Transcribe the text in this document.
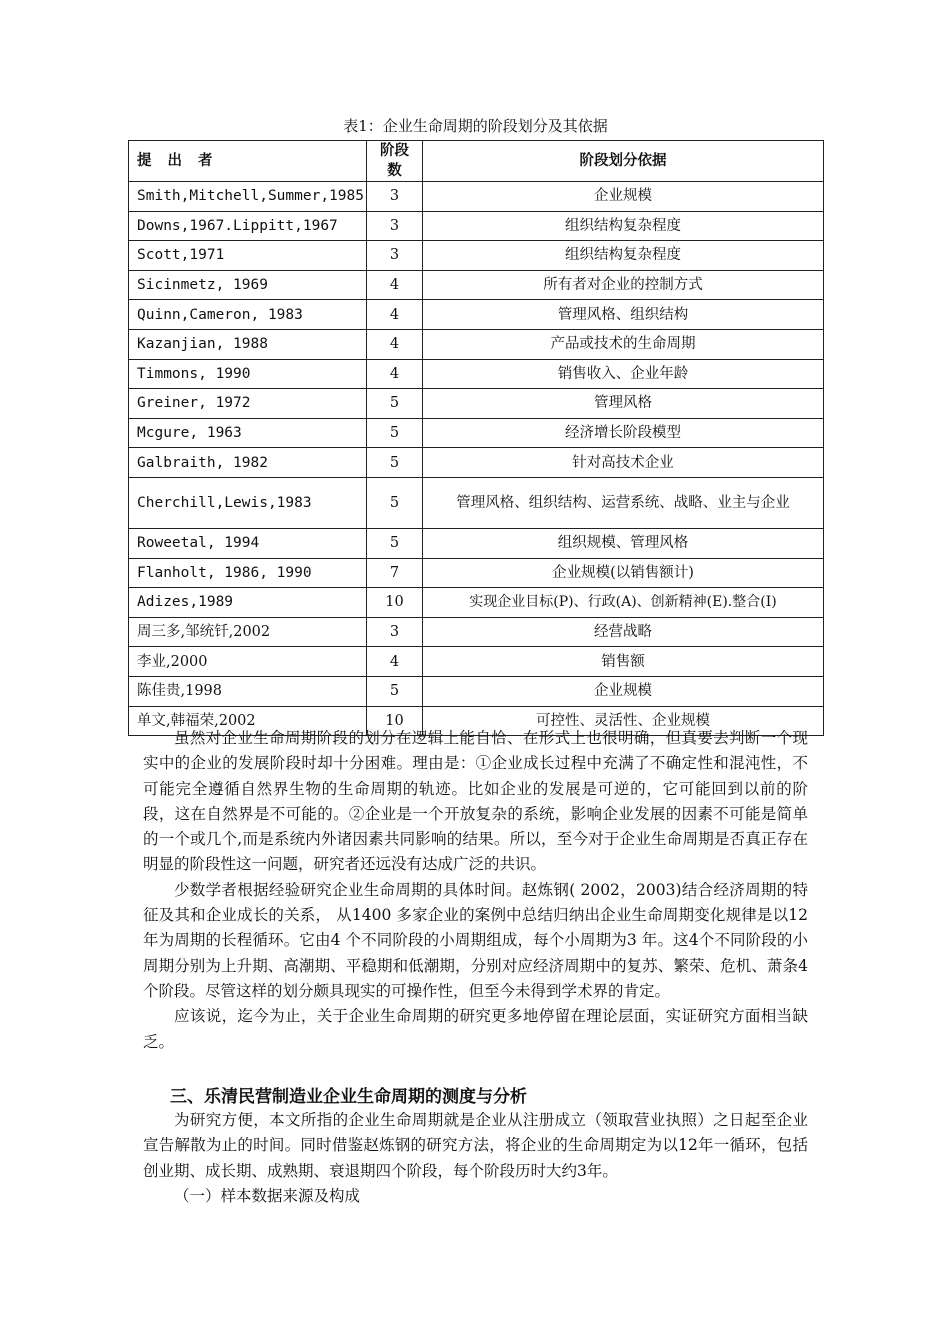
表1：企业生命周期的阶段划分及其依据
提出者	阶段数	阶段划分依据
Smith,Mitchell,Summer,1985	3	企业规模
Downs,1967.Lippitt,1967	3	组织结构复杂程度
Scott,1971	3	组织结构复杂程度
Sicinmetz, 1969	4	所有者对企业的控制方式
Quinn,Cameron, 1983	4	管理风格、组织结构
Kazanjian, 1988	4	产品或技术的生命周期
Timmons, 1990	4	销售收入、企业年龄
Greiner, 1972	5	管理风格
Mcgure, 1963	5	经济增长阶段模型
Galbraith, 1982	5	针对高技术企业
Cherchill,Lewis,1983	5	管理风格、组织结构、运营系统、战略、业主与企业
Roweetal, 1994	5	组织规模、管理风格
Flanholt, 1986, 1990	7	企业规模(以销售额计)
Adizes,1989	10	实现企业目标(P)、行政(A)、创新精神(E).整合(I)
周三多,邹统钎,2002	3	经营战略
李业,2000	4	销售额
陈佳贵,1998	5	企业规模
单文,韩福荣,2002	10	可控性、灵活性、企业规模

虽然对企业生命周期阶段的划分在逻辑上能自恰、在形式上也很明确，但真要去判断一个现实中的企业的发展阶段时却十分困难。理由是：①企业成长过程中充满了不确定性和混沌性，不可能完全遵循自然界生物的生命周期的轨迹。比如企业的发展是可逆的，它可能回到以前的阶段，这在自然界是不可能的。②企业是一个开放复杂的系统，影响企业发展的因素不可能是简单的一个或几个,而是系统内外诸因素共同影响的结果。所以，至今对于企业生命周期是否真正存在明显的阶段性这一问题，研究者还远没有达成广泛的共识。

少数学者根据经验研究企业生命周期的具体时间。赵炼钢( 2002，2003)结合经济周期的特征及其和企业成长的关系， 从1400 多家企业的案例中总结归纳出企业生命周期变化规律是以12 年为周期的长程循环。它由4 个不同阶段的小周期组成，每个小周期为3 年。这4个不同阶段的小周期分别为上升期、高潮期、平稳期和低潮期，分别对应经济周期中的复苏、繁荣、危机、萧条4个阶段。尽管这样的划分颇具现实的可操作性，但至今未得到学术界的肯定。

应该说，迄今为止，关于企业生命周期的研究更多地停留在理论层面，实证研究方面相当缺乏。

三、乐清民营制造业企业生命周期的测度与分析

为研究方便，本文所指的企业生命周期就是企业从注册成立（领取营业执照）之日起至企业宣告解散为止的时间。同时借鉴赵炼钢的研究方法，将企业的生命周期定为以12年一循环，包括创业期、成长期、成熟期、衰退期四个阶段，每个阶段历时大约3年。

（一）样本数据来源及构成
